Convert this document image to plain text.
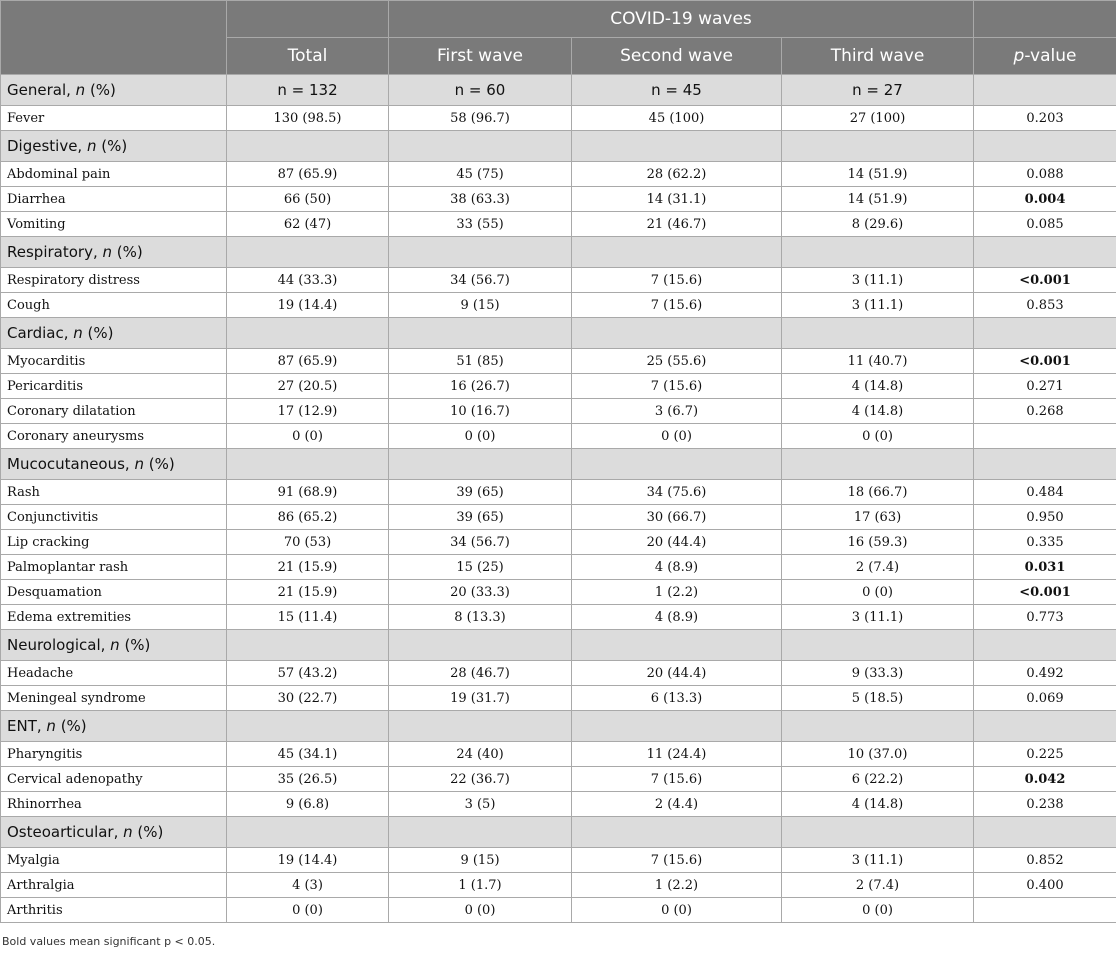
		COVID-19 waves			
	Total	First wave	Second wave	Third wave	p-value
General, n (%)	n = 132	n = 60	n = 45	n = 27	
Fever	130 (98.5)	58 (96.7)	45 (100)	27 (100)	0.203
Digestive, n (%)					
Abdominal pain	87 (65.9)	45 (75)	28 (62.2)	14 (51.9)	0.088
Diarrhea	66 (50)	38 (63.3)	14 (31.1)	14 (51.9)	0.004
Vomiting	62 (47)	33 (55)	21 (46.7)	8 (29.6)	0.085
Respiratory, n (%)					
Respiratory distress	44 (33.3)	34 (56.7)	7 (15.6)	3 (11.1)	<0.001
Cough	19 (14.4)	9 (15)	7 (15.6)	3 (11.1)	0.853
Cardiac, n (%)					
Myocarditis	87 (65.9)	51 (85)	25 (55.6)	11 (40.7)	<0.001
Pericarditis	27 (20.5)	16 (26.7)	7 (15.6)	4 (14.8)	0.271
Coronary dilatation	17 (12.9)	10 (16.7)	3 (6.7)	4 (14.8)	0.268
Coronary aneurysms	0 (0)	0 (0)	0 (0)	0 (0)	
Mucocutaneous, n (%)					
Rash	91 (68.9)	39 (65)	34 (75.6)	18 (66.7)	0.484
Conjunctivitis	86 (65.2)	39 (65)	30 (66.7)	17 (63)	0.950
Lip cracking	70 (53)	34 (56.7)	20 (44.4)	16 (59.3)	0.335
Palmoplantar rash	21 (15.9)	15 (25)	4 (8.9)	2 (7.4)	0.031
Desquamation	21 (15.9)	20 (33.3)	1 (2.2)	0 (0)	<0.001
Edema extremities	15 (11.4)	8 (13.3)	4 (8.9)	3 (11.1)	0.773
Neurological, n (%)					
Headache	57 (43.2)	28 (46.7)	20 (44.4)	9 (33.3)	0.492
Meningeal syndrome	30 (22.7)	19 (31.7)	6 (13.3)	5 (18.5)	0.069
ENT, n (%)					
Pharyngitis	45 (34.1)	24 (40)	11 (24.4)	10 (37.0)	0.225
Cervical adenopathy	35 (26.5)	22 (36.7)	7 (15.6)	6 (22.2)	0.042
Rhinorrhea	9 (6.8)	3 (5)	2 (4.4)	4 (14.8)	0.238
Osteoarticular, n (%)					
Myalgia	19 (14.4)	9 (15)	7 (15.6)	3 (11.1)	0.852
Arthralgia	4 (3)	1 (1.7)	1 (2.2)	2 (7.4)	0.400
Arthritis	0 (0)	0 (0)	0 (0)	0 (0)	
Bold values mean significant p < 0.05.
